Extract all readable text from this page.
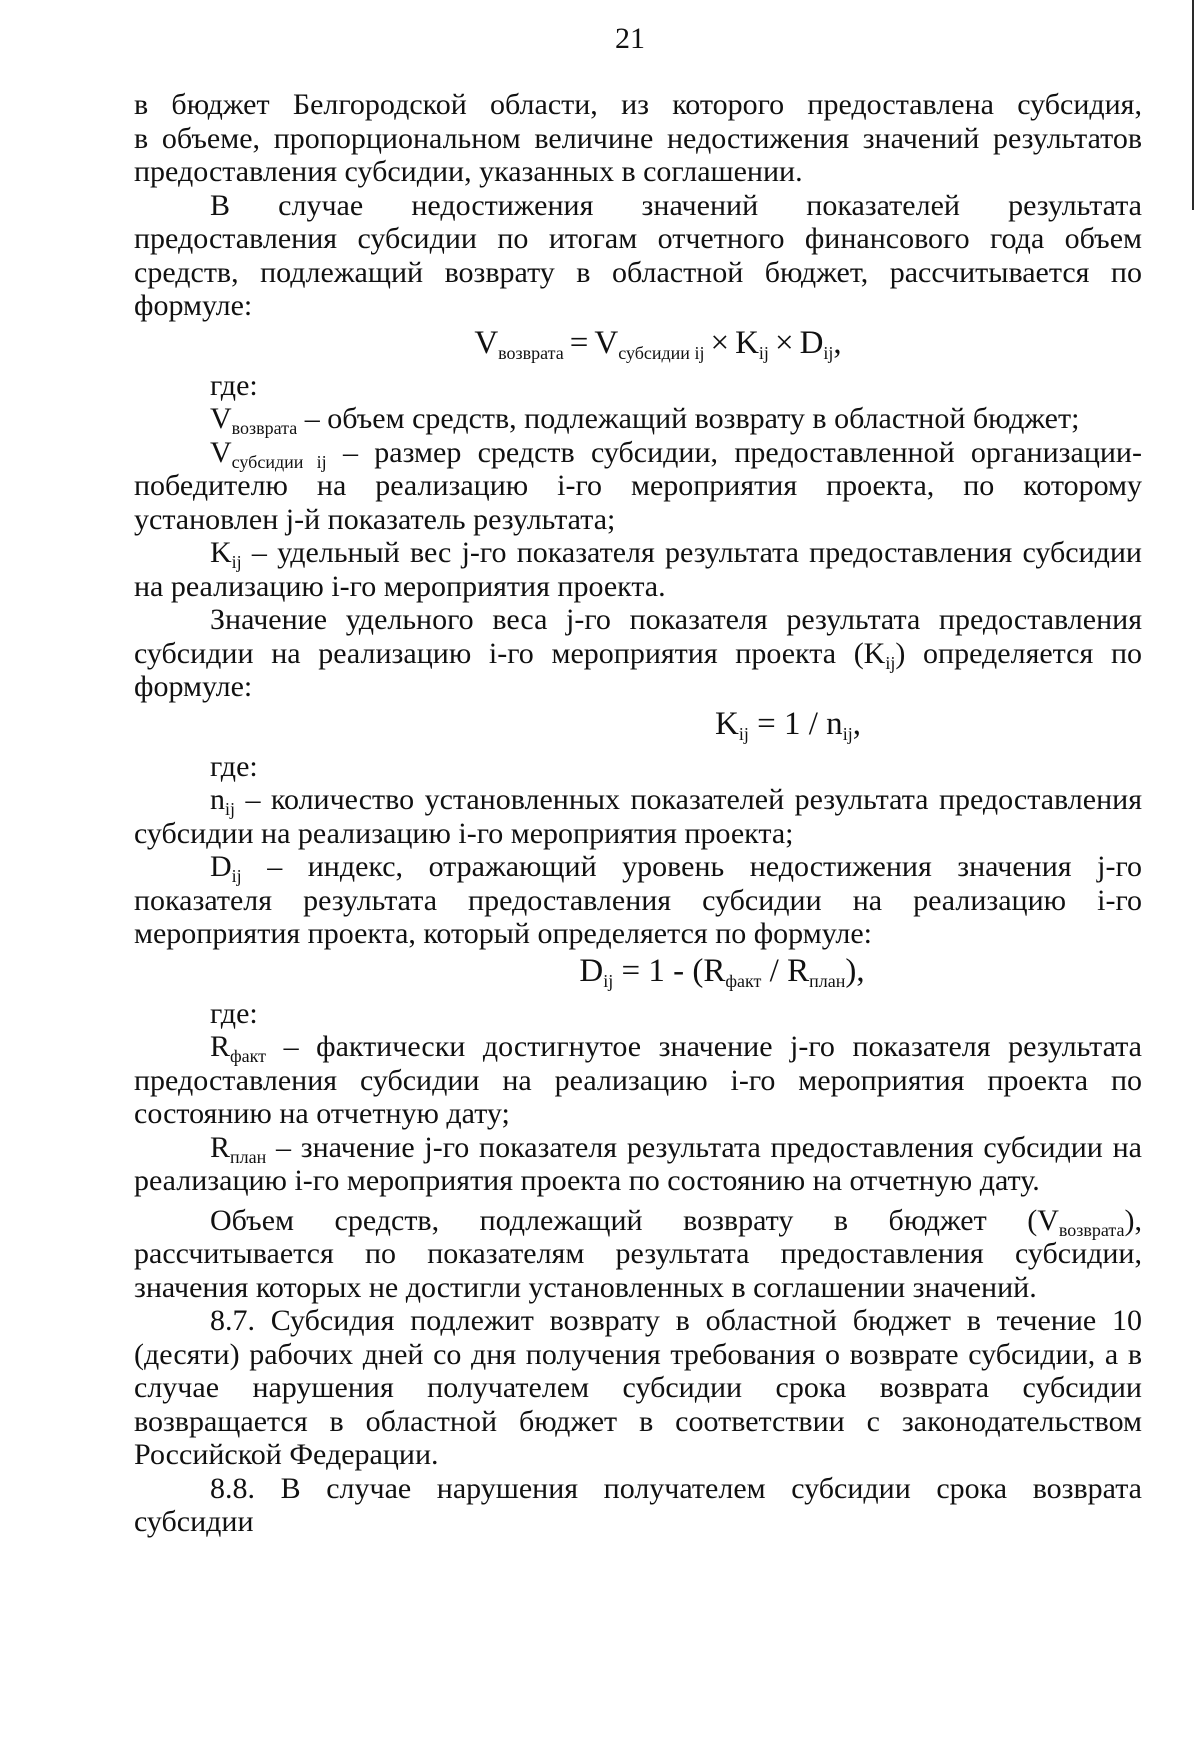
21

в бюджет Белгородской области, из которого предоставлена субсидия,

в объеме, пропорциональном величине недостижения значений результатов

предоставления субсидии, указанных в соглашении.

В случае недостижения значений показателей результата предоставления субсидии по итогам отчетного финансового года объем средств, подлежащий возврату в областной бюджет, рассчитывается по формуле:

$V_{возврата} = V_{субсидии ij} \times K_{ij} \times D_{ij}$,

где:

$V_{возврата}$ – объем средств, подлежащий возврату в областной бюджет;

$V_{субсидии ij}$ – размер средств субсидии, предоставленной организации-победителю на реализацию i-го мероприятия проекта, по которому установлен j-й показатель результата;

$K_{ij}$ – удельный вес j-го показателя результата предоставления субсидии на реализацию i-го мероприятия проекта.

Значение удельного веса j-го показателя результата предоставления субсидии на реализацию i-го мероприятия проекта $(K_{ij})$ определяется по формуле:

$K_{ij} = 1 / n_{ij}$,

где:

$n_{ij}$ – количество установленных показателей результата предоставления субсидии на реализацию i-го мероприятия проекта;

$D_{ij}$ – индекс, отражающий уровень недостижения значения j-го показателя результата предоставления субсидии на реализацию i-го мероприятия проекта, который определяется по формуле:

$D_{ij} = 1 - (R_{факт} / R_{план})$,

где:

$R_{факт}$ – фактически достигнутое значение j-го показателя результата предоставления субсидии на реализацию i-го мероприятия проекта по состоянию на отчетную дату;

$R_{план}$ – значение j-го показателя результата предоставления субсидии на реализацию i-го мероприятия проекта по состоянию на отчетную дату.

Объем средств, подлежащий возврату в бюджет $(V_{возврата})$, рассчитывается по показателям результата предоставления субсидии, значения которых не достигли установленных в соглашении значений.

8.7. Субсидия подлежит возврату в областной бюджет в течение 10 (десяти) рабочих дней со дня получения требования о возврате субсидии, а в случае нарушения получателем субсидии срока возврата субсидии возвращается в областной бюджет в соответствии с законодательством Российской Федерации.

8.8. В случае нарушения получателем субсидии срока возврата субсидии
